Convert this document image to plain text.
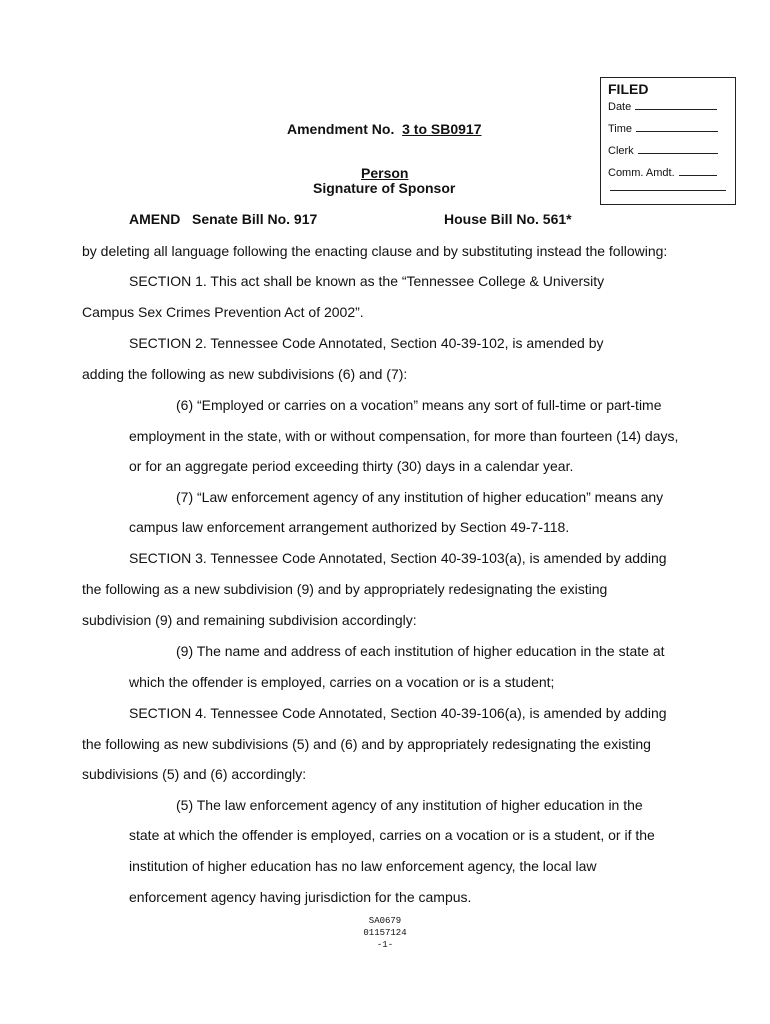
FILED
Date
Time
Clerk
Comm. Amdt.
Amendment No. 3 to SB0917
Person
Signature of Sponsor
AMEND   Senate Bill No. 917	House Bill No. 561*
by deleting all language following the enacting clause and by substituting instead the following:
SECTION 1. This act shall be known as the “Tennessee College & University
Campus Sex Crimes Prevention Act of 2002”.
SECTION 2. Tennessee Code Annotated, Section 40-39-102, is amended by
adding the following as new subdivisions (6) and (7):
(6) “Employed or carries on a vocation” means any sort of full-time or part-time
employment in the state, with or without compensation, for more than fourteen (14) days,
or for an aggregate period exceeding thirty (30) days in a calendar year.
(7) “Law enforcement agency of any institution of higher education” means any
campus law enforcement arrangement authorized by Section 49-7-118.
SECTION 3. Tennessee Code Annotated, Section 40-39-103(a), is amended by adding
the following as a new subdivision (9) and by appropriately redesignating the existing
subdivision (9) and remaining subdivision accordingly:
(9) The name and address of each institution of higher education in the state at
which the offender is employed, carries on a vocation or is a student;
SECTION 4. Tennessee Code Annotated, Section 40-39-106(a), is amended by adding
the following as new subdivisions (5) and (6) and by appropriately redesignating the existing
subdivisions (5) and (6) accordingly:
(5) The law enforcement agency of any institution of higher education in the
state at which the offender is employed, carries on a vocation or is a student, or if the
institution of higher education has no law enforcement agency, the local law
enforcement agency having jurisdiction for the campus.
SA0679
01157124
-1-
